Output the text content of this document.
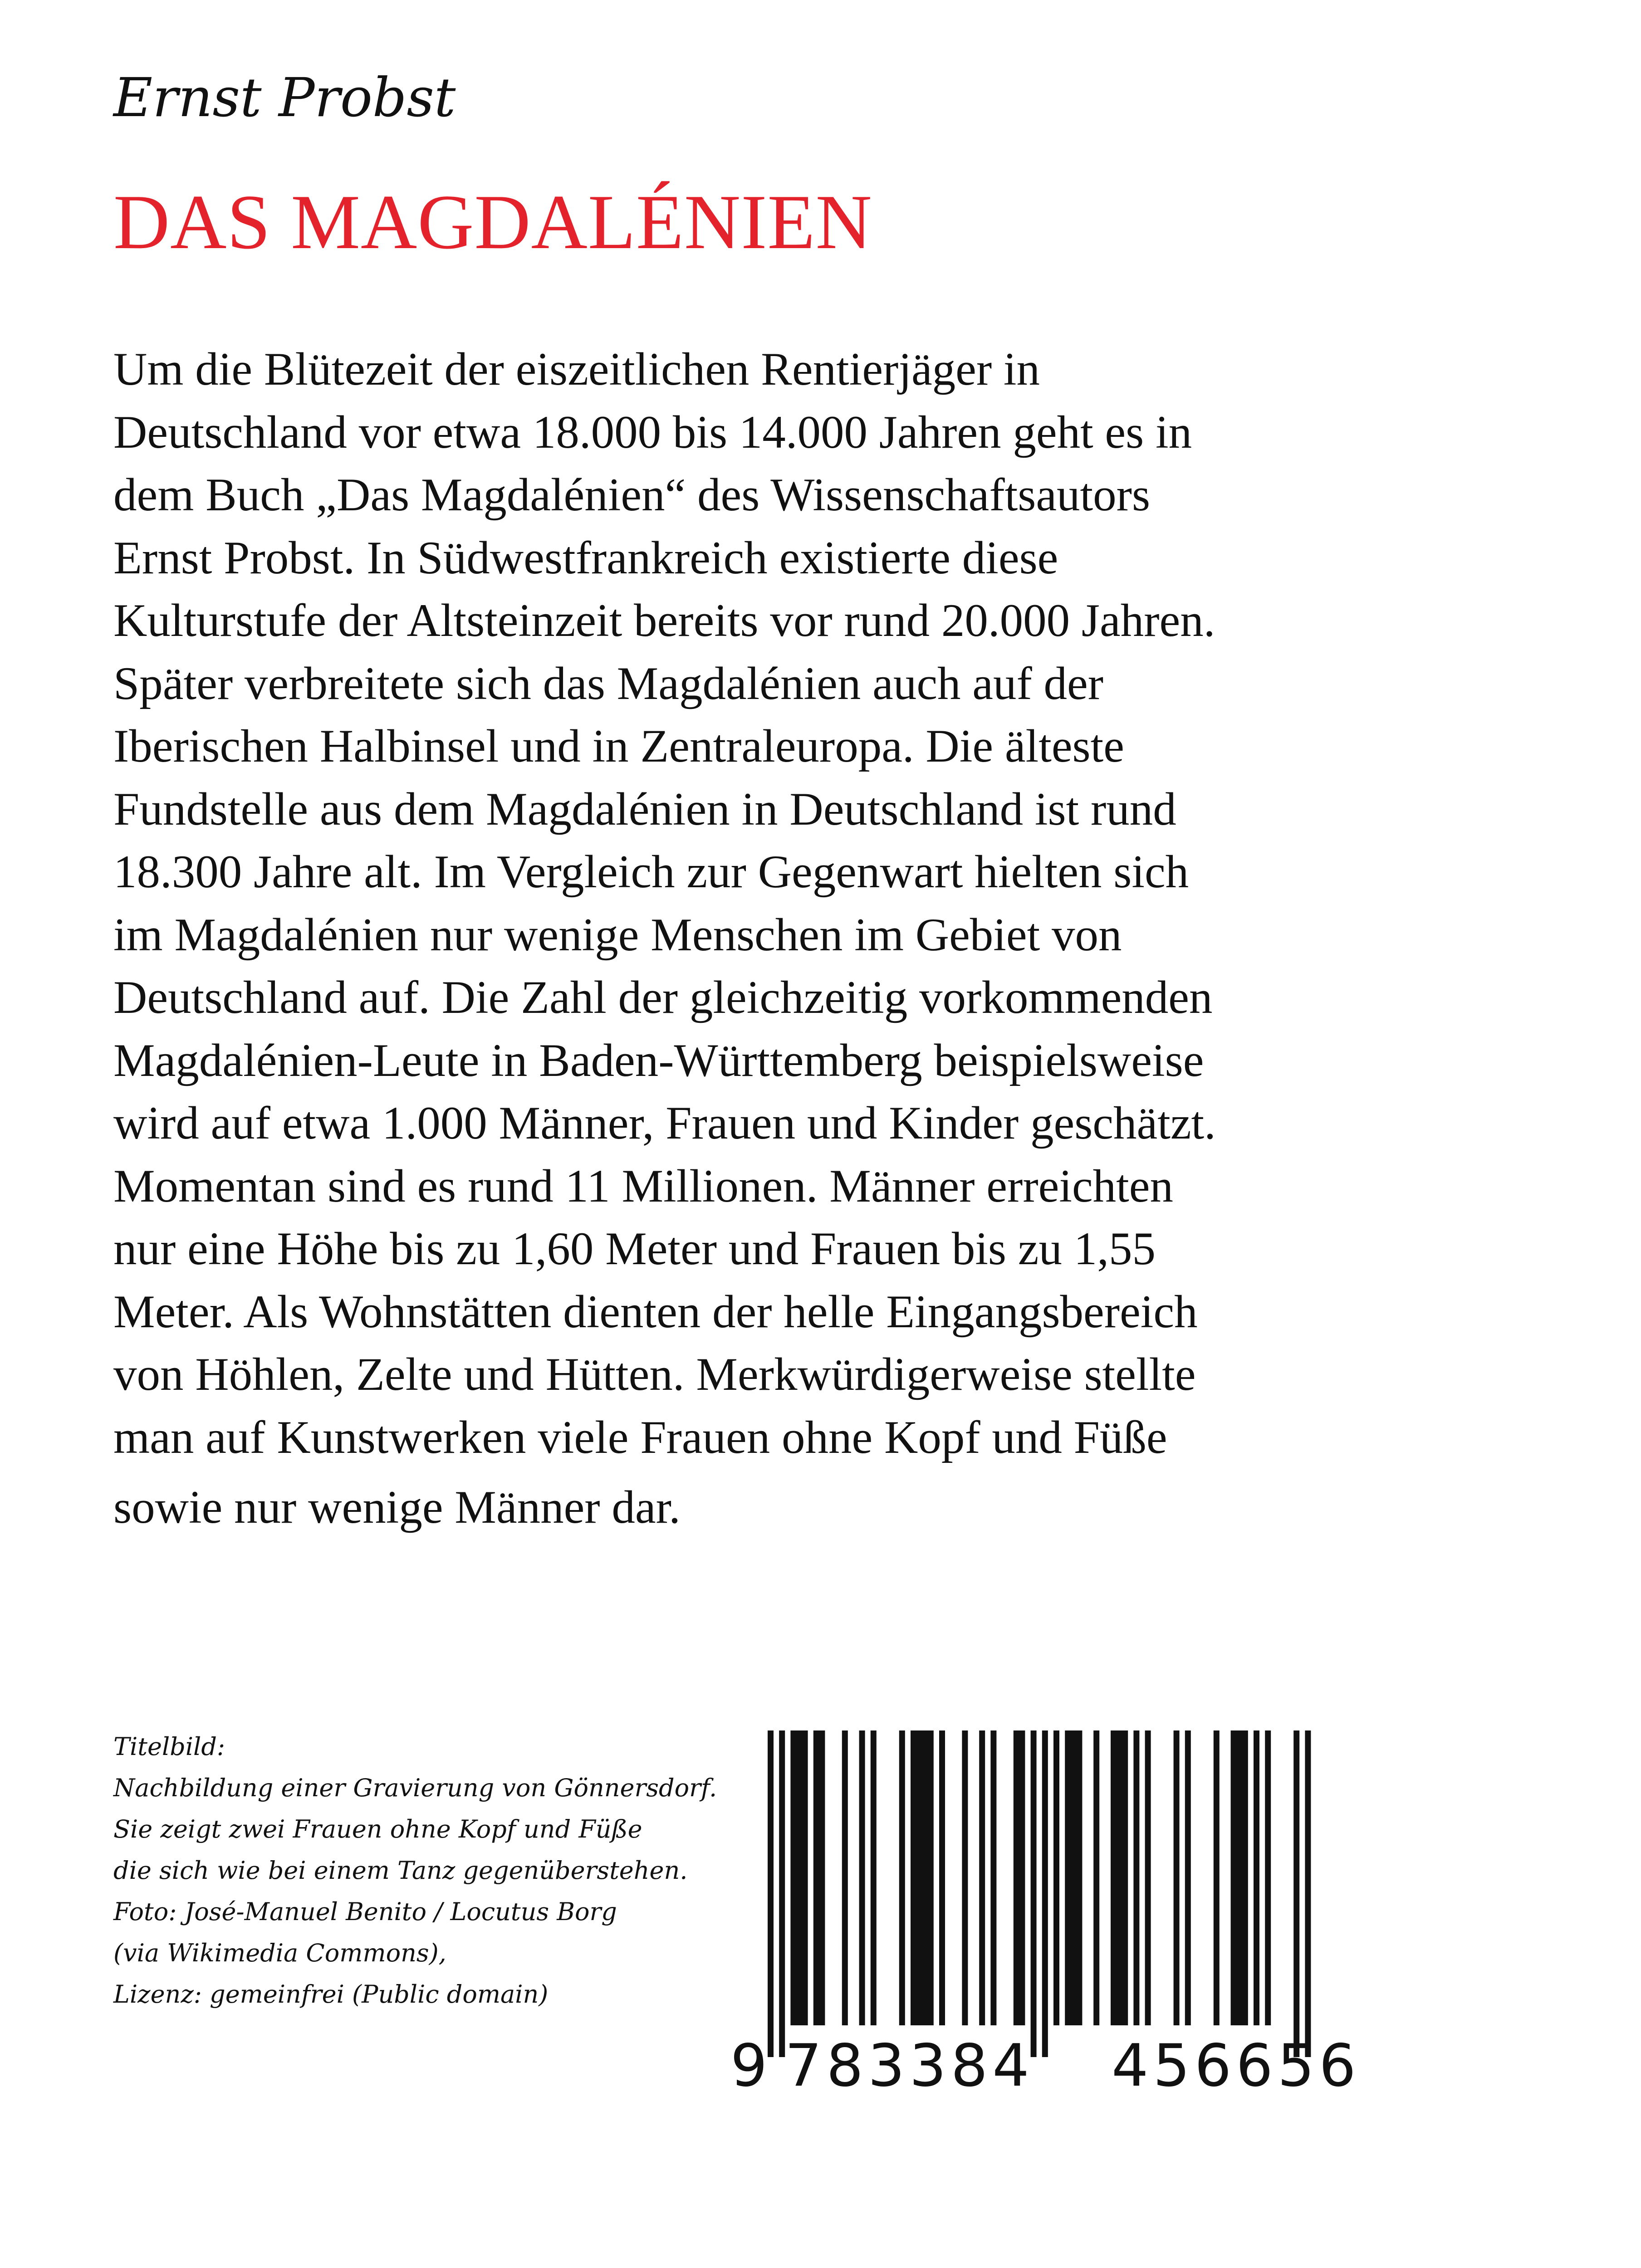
Ernst Probst

DAS MAGDALÉNIEN
Um die Blütezeit der eiszeitlichen Rentierjäger in
Deutschland vor etwa 18.000 bis 14.000 Jahren geht es in
dem Buch „Das Magdalénien“ des Wissenschaftsautors
Ernst Probst. In Südwestfrankreich existierte diese
Kulturstufe der Altsteinzeit bereits vor rund 20.000 Jahren.
Später verbreitete sich das Magdalénien auch auf der
Iberischen Halbinsel und in Zentraleuropa. Die älteste
Fundstelle aus dem Magdalénien in Deutschland ist rund
18.300 Jahre alt. Im Vergleich zur Gegenwart hielten sich
im Magdalénien nur wenige Menschen im Gebiet von
Deutschland auf. Die Zahl der gleichzeitig vorkommenden
Magdalénien-Leute in Baden-Württemberg beispielsweise
wird auf etwa 1.000 Männer, Frauen und Kinder geschätzt.
Momentan sind es rund 11 Millionen. Männer erreichten
nur eine Höhe bis zu 1,60 Meter und Frauen bis zu 1,55
Meter. Als Wohnstätten dienten der helle Eingangsbereich
von Höhlen, Zelte und Hütten. Merkwürdigerweise stellte
man auf Kunstwerken viele Frauen ohne Kopf und Füße
sowie nur wenige Männer dar.
Titelbild:
Nachbildung einer Gravierung von Gönnersdorf.
Sie zeigt zwei Frauen ohne Kopf und Füße
die sich wie bei einem Tanz gegenüberstehen.
Foto: José-Manuel Benito / Locutus Borg
(via Wikimedia Commons),
Lizenz: gemeinfrei (Public domain)
9 783384 456656
